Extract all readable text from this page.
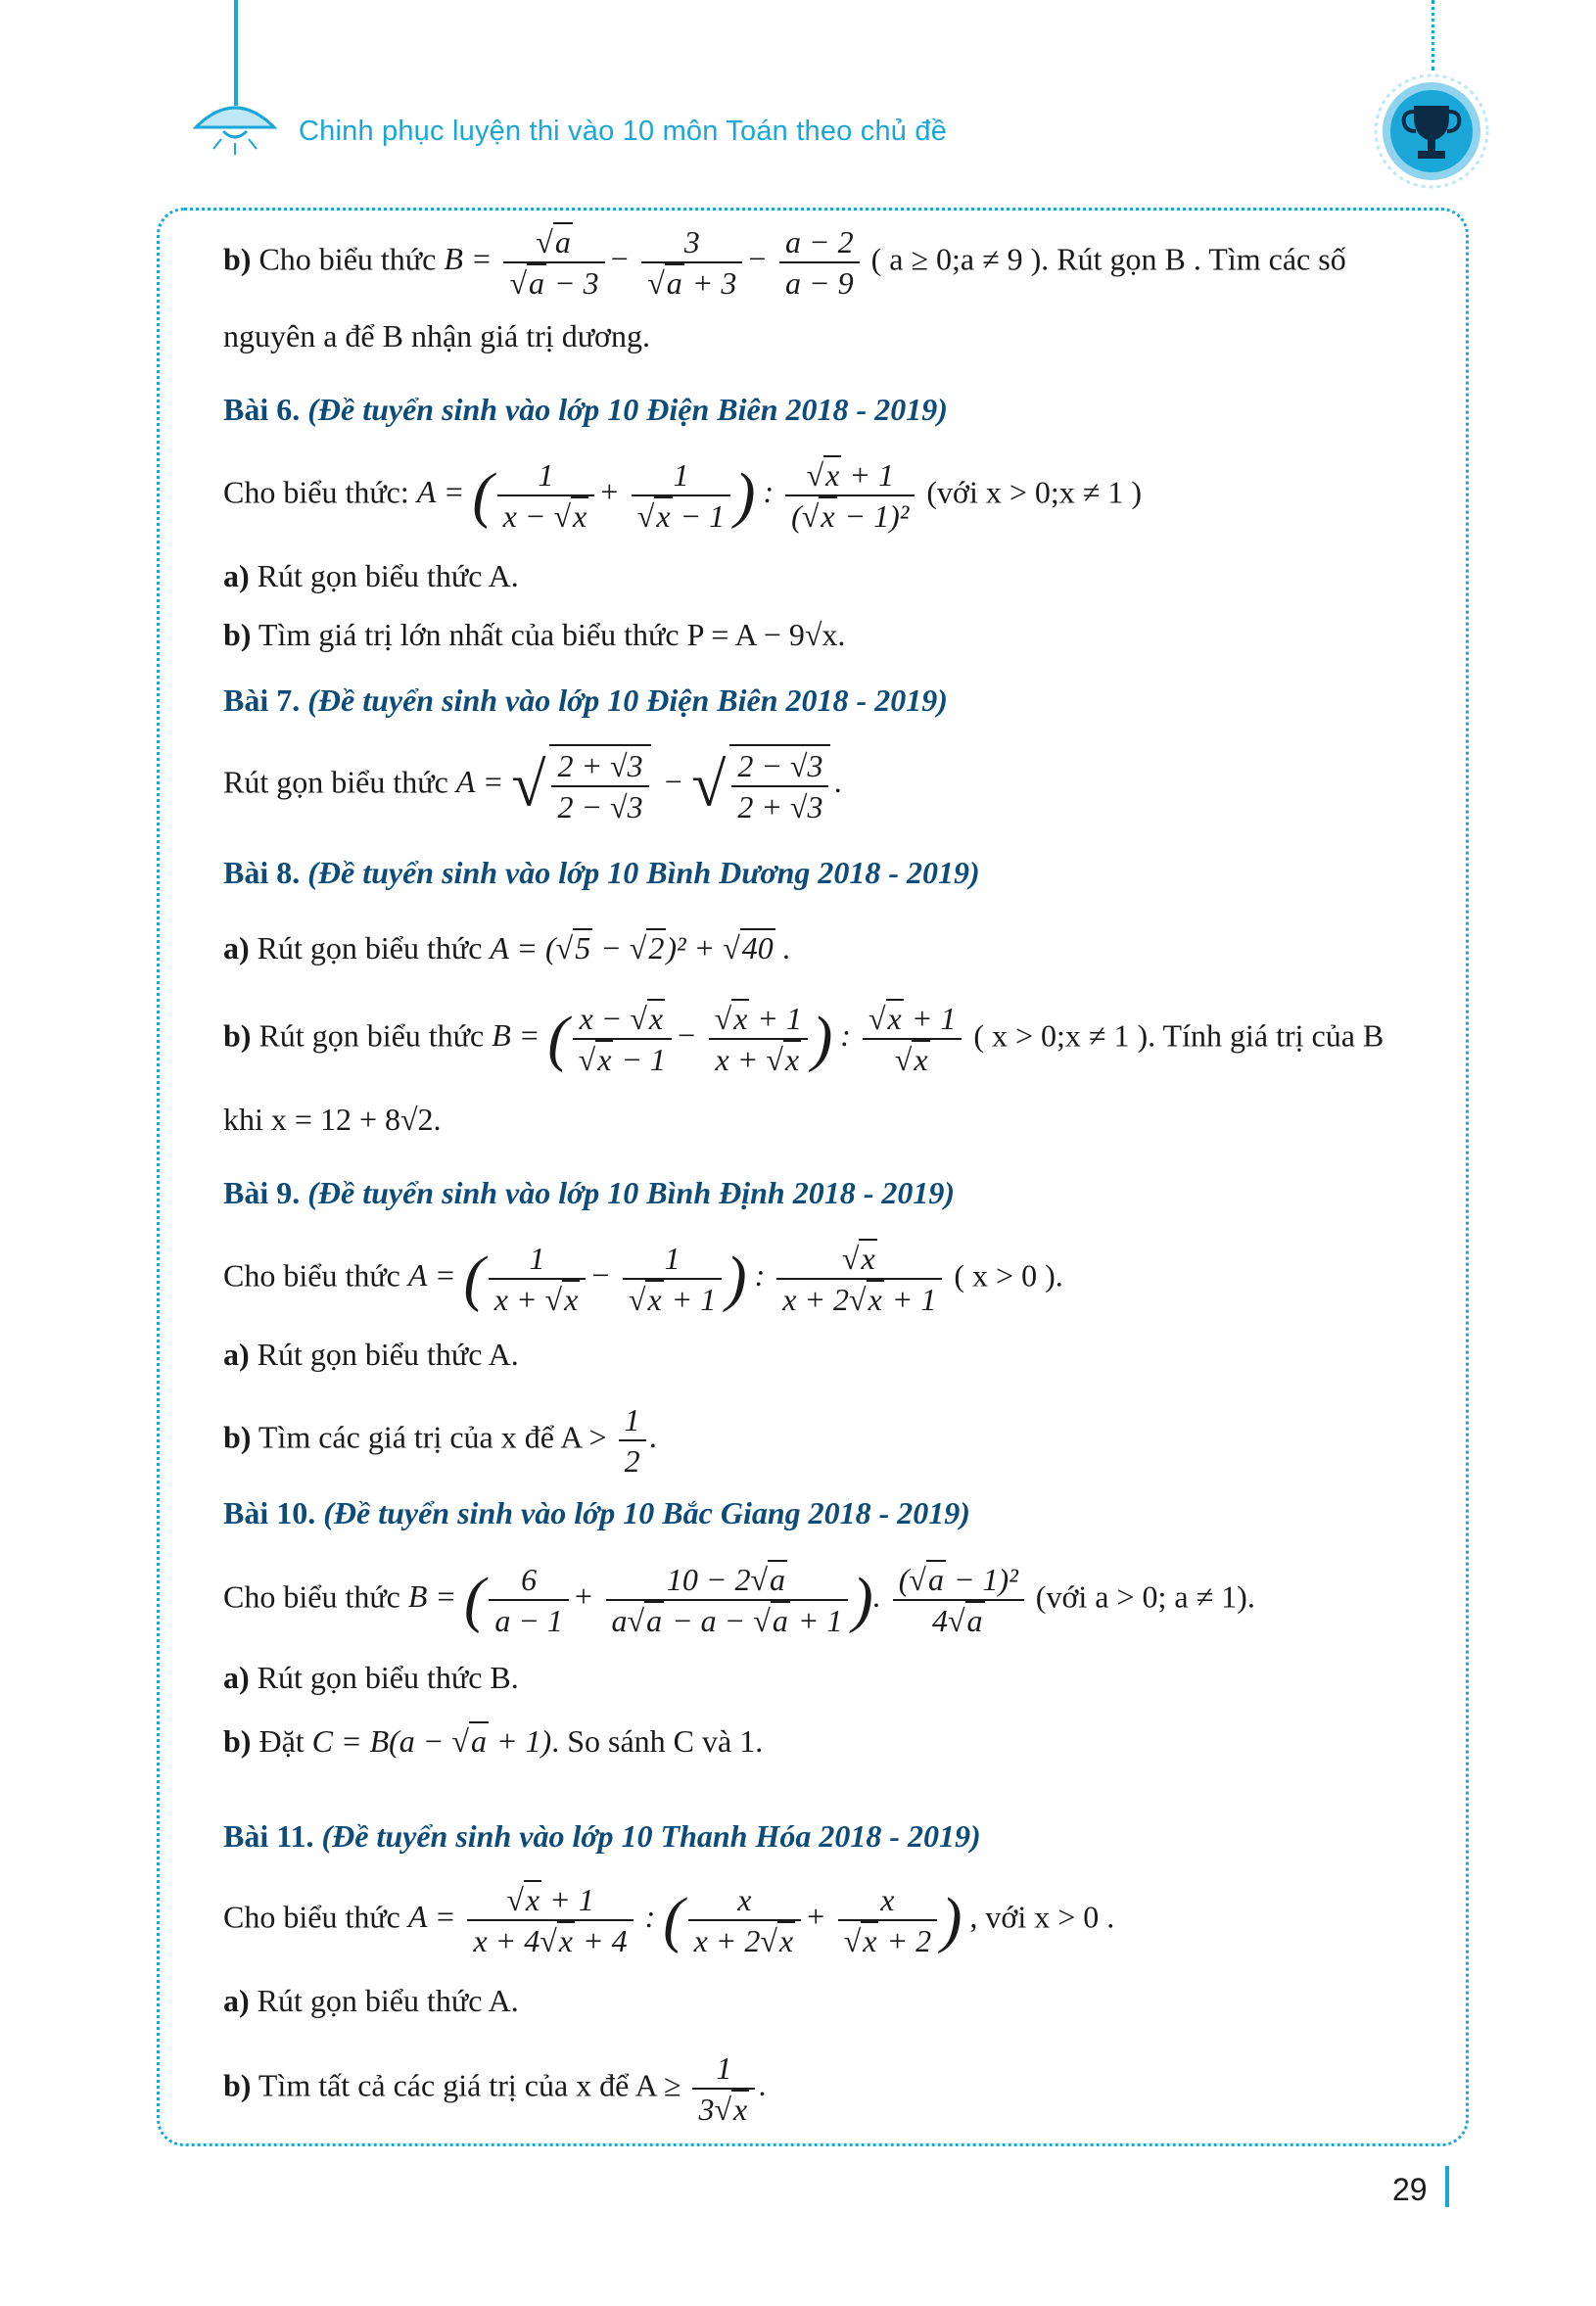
Chinh phục luyện thi vào 10 môn Toán theo chủ đề
b) Cho biểu thức $B = \frac{√a}{√a - 3} - \frac{3}{√a + 3} - \frac{a - 2}{a - 9}$ ( a ≥ 0;a ≠ 9 ). Rút gọn B . Tìm các số
nguyên a để B nhận giá trị dương.
Bài 6. (Đề tuyển sinh vào lớp 10 Điện Biên 2018 - 2019)
Cho biểu thức: A = ( $\frac{1}{x - √x} + \frac{1}{√x - 1}$ ) : $\frac{√x + 1}{\text{(√x − 1)²}}$ (với x > 0;x ≠ 1 )
a) Rút gọn biểu thức A.
b) Tìm giá trị lớn nhất của biểu thức P = A − 9√x.
Bài 7. (Đề tuyển sinh vào lớp 10 Điện Biên 2018 - 2019)
Rút gọn biểu thức A = √ $\frac{2 + √3}{2 - √3}$ − √ $\frac{2 - √3}{2 + √3}$ .
Bài 8. (Đề tuyển sinh vào lớp 10 Bình Dương 2018 - 2019)
a) Rút gọn biểu thức A = (√5 − √2)² + √40 .
b) Rút gọn biểu thức B = ( $\frac{x - √x}{√x - 1} - \frac{√x + 1}{x + √x}$ ) : $\frac{√x + 1}{√x}$ ( x > 0;x ≠ 1 ). Tính giá trị của B
khi x = 12 + 8√2.
Bài 9. (Đề tuyển sinh vào lớp 10 Bình Định 2018 - 2019)
Cho biểu thức A = ( $\frac{1}{x + √x} - \frac{1}{√x + 1}$ ) : $\frac{√x}{x + 2√x + 1}$ ( x > 0 ).
a) Rút gọn biểu thức A.
b) Tìm các giá trị của x để $A > \frac{1}{2}$ .
Bài 10. (Đề tuyển sinh vào lớp 10 Bắc Giang 2018 - 2019)
Cho biểu thức B = ( $\frac{6}{a - 1} + \frac{10 - 2√a}{a√a - a - √a + 1}$ ). $\frac{\text{(√a − 1)²}}{4√a}$ (với a > 0; a ≠ 1).
a) Rút gọn biểu thức B.
b) Đặt C = B(a − √a + 1). So sánh C và 1.
Bài 11. (Đề tuyển sinh vào lớp 10 Thanh Hóa 2018 - 2019)
Cho biểu thức $A = \frac{√x + 1}{x + 4√x + 4}$ : ( $\frac{x}{x + 2√x} + \frac{x}{√x + 2}$ ) , với x > 0 .
a) Rút gọn biểu thức A.
b) Tìm tất cả các giá trị của x để $A \ge \frac{1}{3√x}$ .
29
